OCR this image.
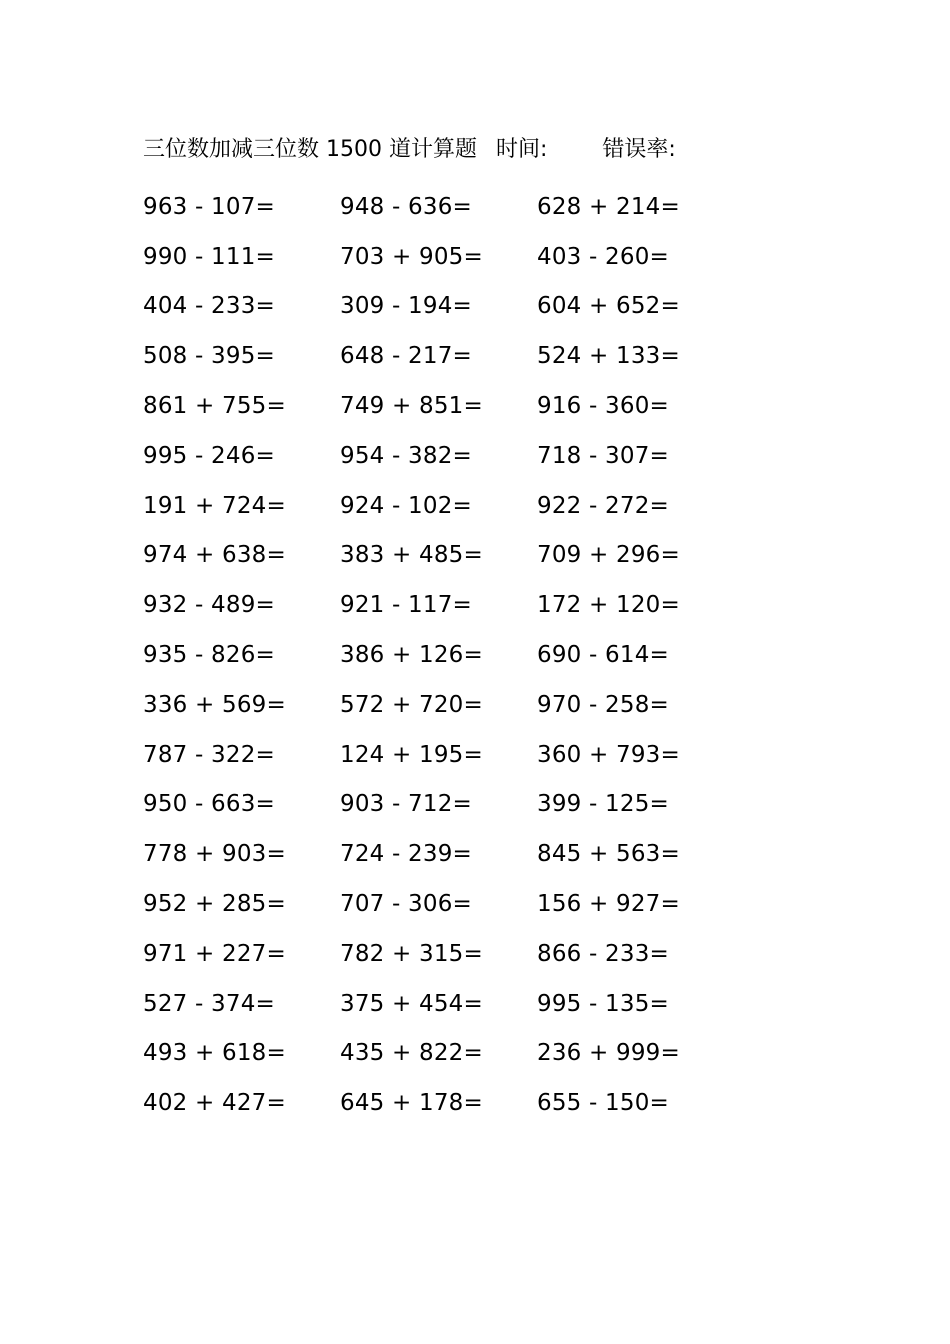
三位数加减三位数 1500 道计算题 时间:	错误率:
963 - 107=	948 - 636=	628 + 214=
990 - 111=	703 + 905=	403 - 260=
404 - 233=	309 - 194=	604 + 652=
508 - 395=	648 - 217=	524 + 133=
861 + 755=	749 + 851=	916 - 360=
995 - 246=	954 - 382=	718 - 307=
191 + 724=	924 - 102=	922 - 272=
974 + 638=	383 + 485=	709 + 296=
932 - 489=	921 - 117=	172 + 120=
935 - 826=	386 + 126=	690 - 614=
336 + 569=	572 + 720=	970 - 258=
787 - 322=	124 + 195=	360 + 793=
950 - 663=	903 - 712=	399 - 125=
778 + 903=	724 - 239=	845 + 563=
952 + 285=	707 - 306=	156 + 927=
971 + 227=	782 + 315=	866 - 233=
527 - 374=	375 + 454=	995 - 135=
493 + 618=	435 + 822=	236 + 999=
402 + 427=	645 + 178=	655 - 150=
